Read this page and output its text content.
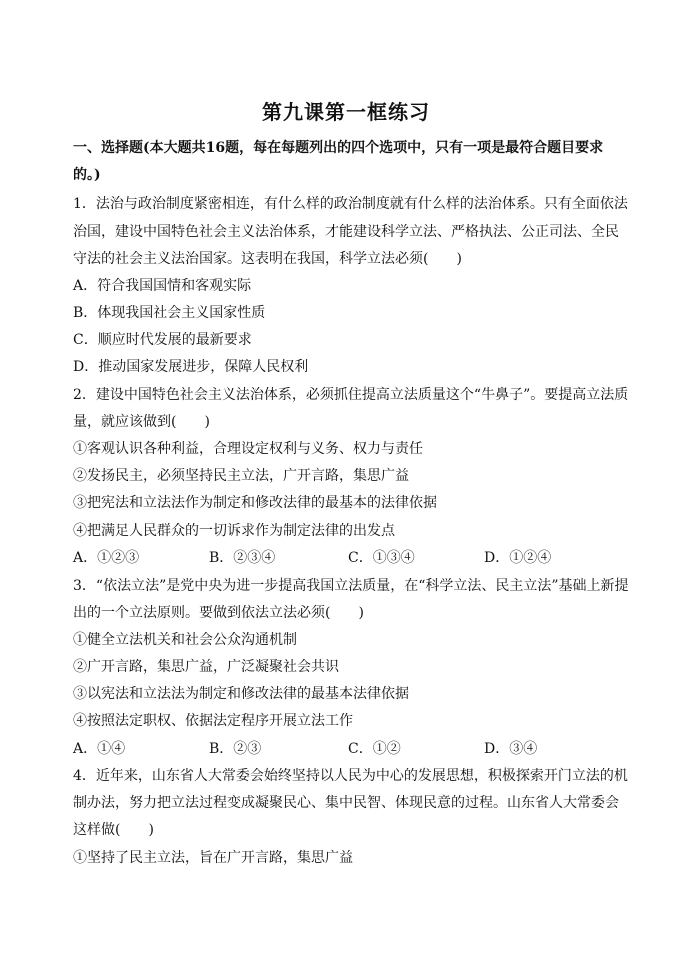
第九课第一框练习
一、选择题(本大题共16题，每在每题列出的四个选项中，只有一项是最符合题目要求
的。)
1．法治与政治制度紧密相连，有什么样的政治制度就有什么样的法治体系。只有全面依法
治国，建设中国特色社会主义法治体系，才能建设科学立法、严格执法、公正司法、全民
守法的社会主义法治国家。这表明在我国，科学立法必须(　　)
A．符合我国国情和客观实际
B．体现我国社会主义国家性质
C．顺应时代发展的最新要求
D．推动国家发展进步，保障人民权利
2．建设中国特色社会主义法治体系，必须抓住提高立法质量这个“牛鼻子”。要提高立法质
量，就应该做到(　　)
①客观认识各种利益，合理设定权利与义务、权力与责任
②发扬民主，必须坚持民主立法，广开言路，集思广益
③把宪法和立法法作为制定和修改法律的最基本的法律依据
④把满足人民群众的一切诉求作为制定法律的出发点
A．①②③	B．②③④	C．①③④	D．①②④
3．“依法立法”是党中央为进一步提高我国立法质量，在“科学立法、民主立法”基础上新提
出的一个立法原则。要做到依法立法必须(　　)
①健全立法机关和社会公众沟通机制
②广开言路，集思广益，广泛凝聚社会共识
③以宪法和立法法为制定和修改法律的最基本法律依据
④按照法定职权、依据法定程序开展立法工作
A．①④	B．②③	C．①②	D．③④
4．近年来，山东省人大常委会始终坚持以人民为中心的发展思想，积极探索开门立法的机
制办法，努力把立法过程变成凝聚民心、集中民智、体现民意的过程。山东省人大常委会
这样做(　　)
①坚持了民主立法，旨在广开言路，集思广益
